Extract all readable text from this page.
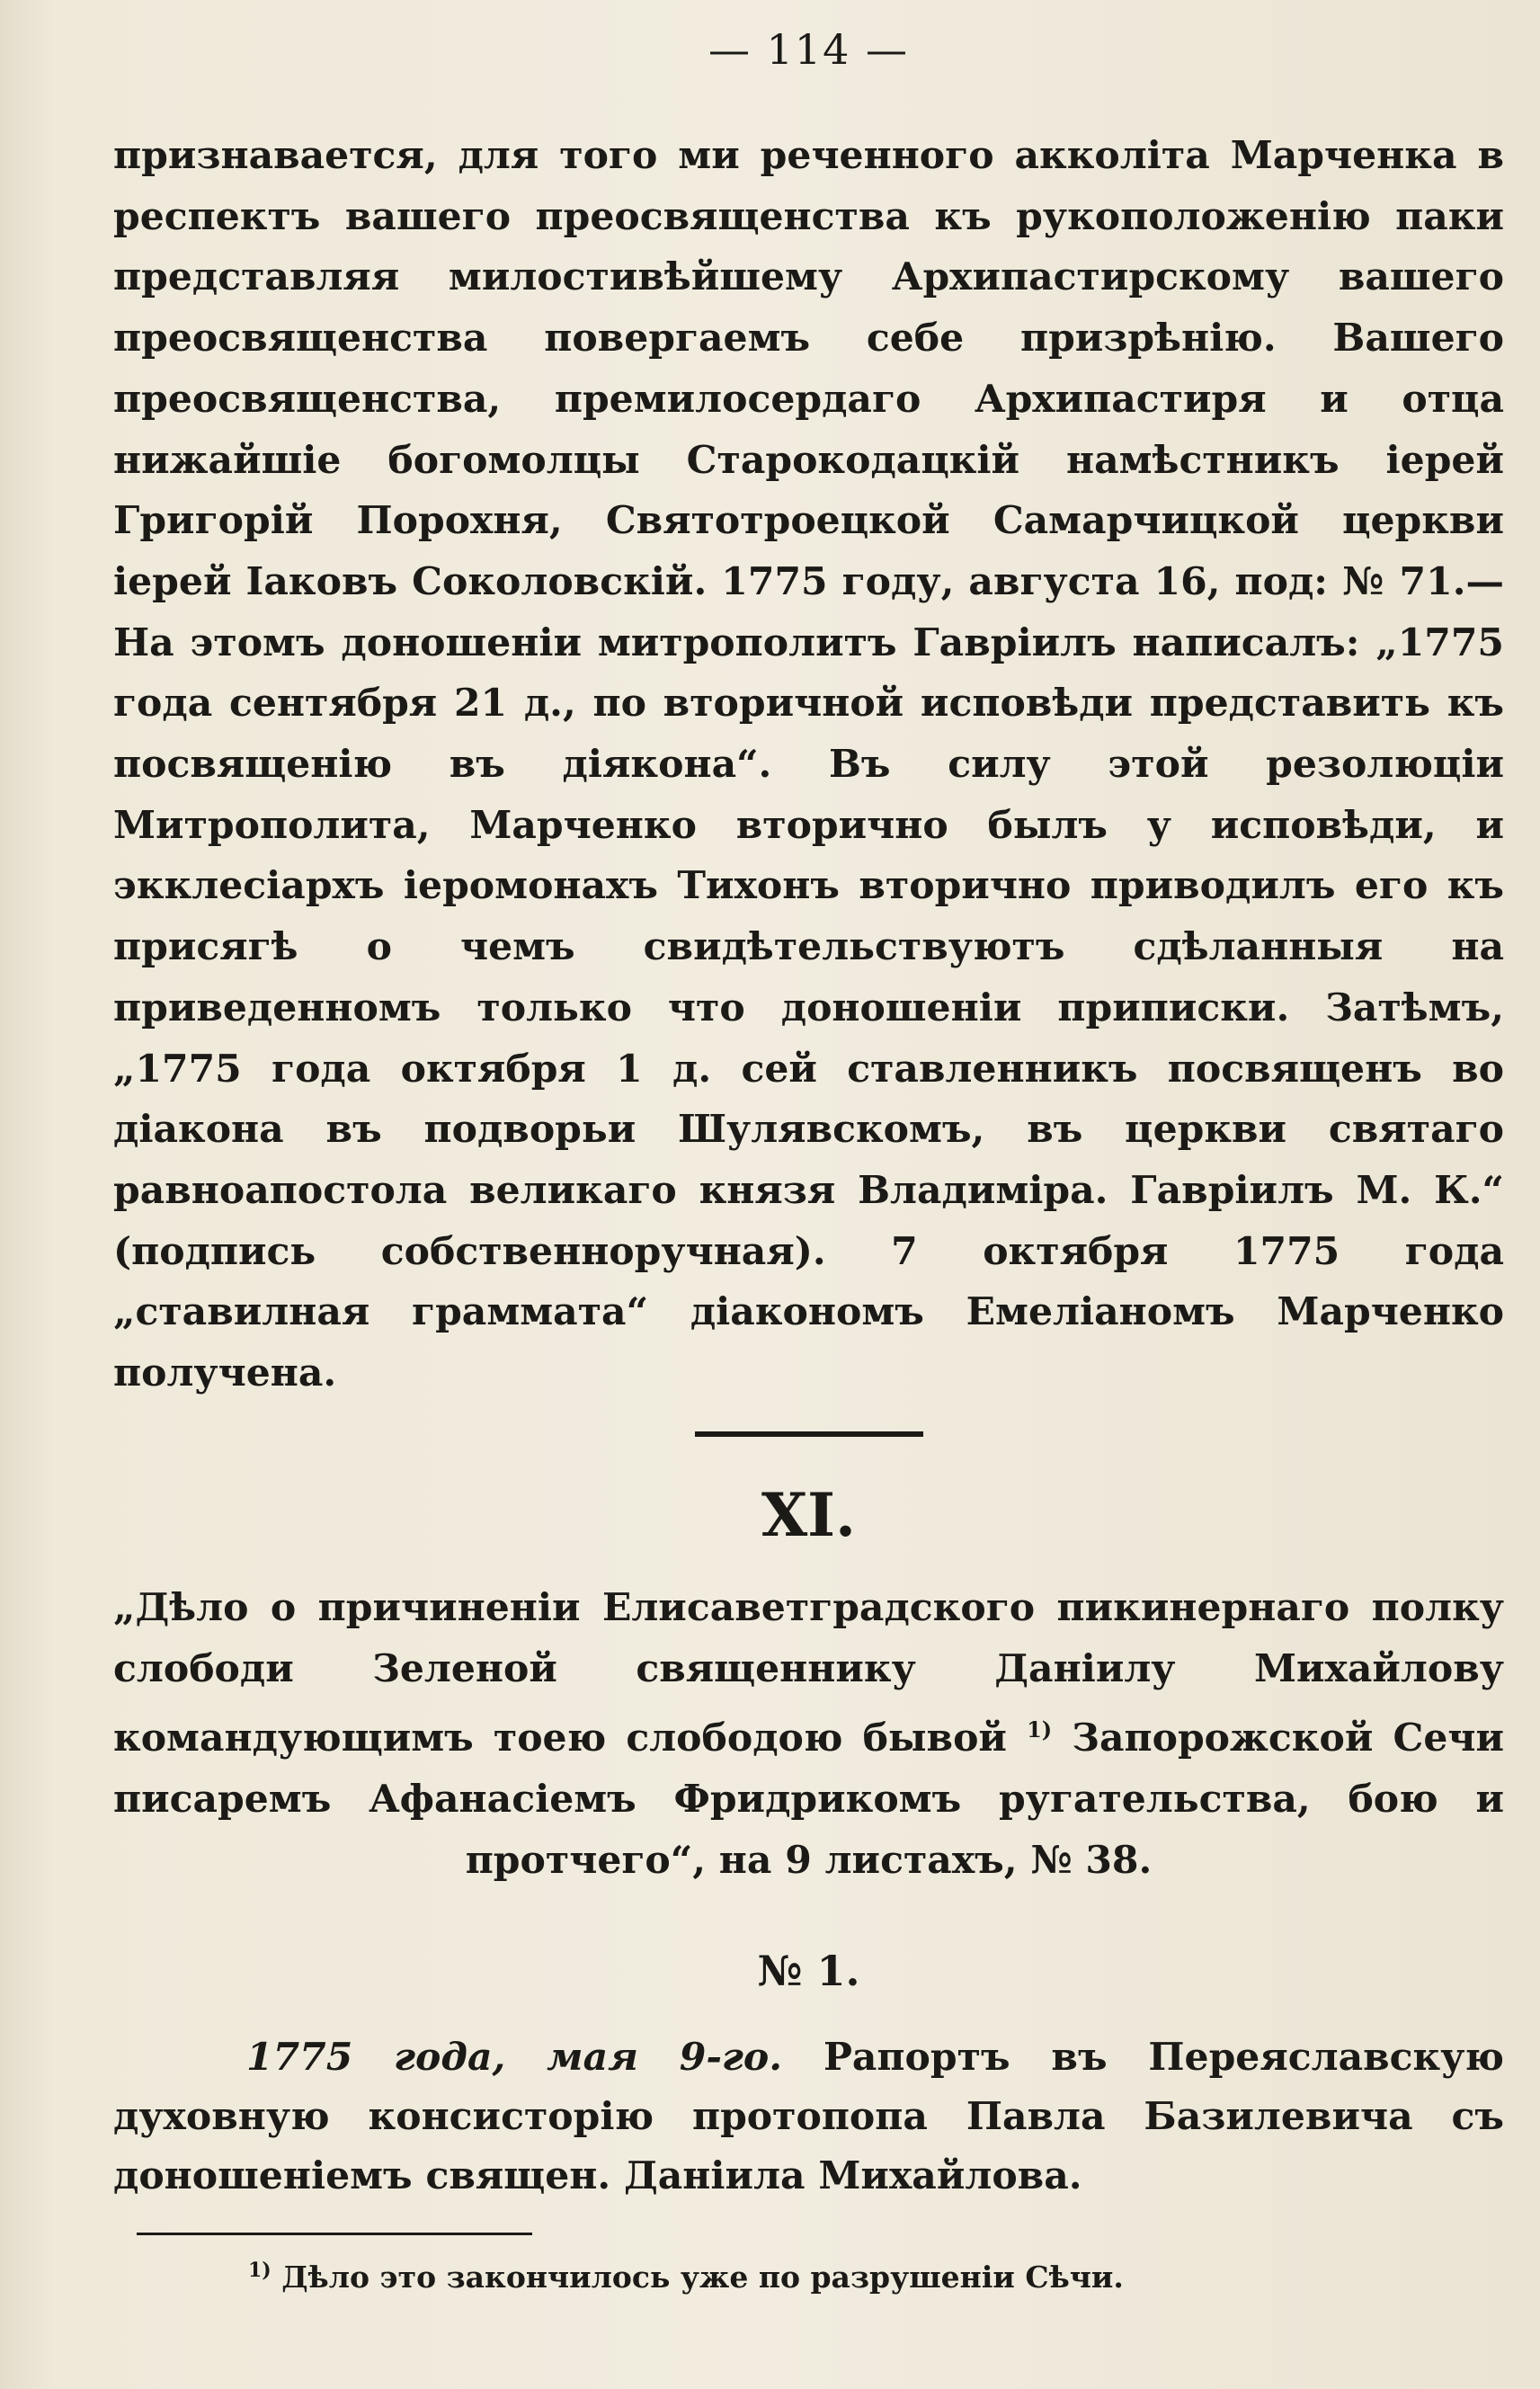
— 114 —

признавается, для того ми реченного акколіта Марченка в респектъ вашего преосвященства къ рукоположенію паки представляя милостивѣйшему Архипастирскому вашего преосвященства повергаемъ себе призрѣнію. Вашего преосвященства, премилосердаго Архипастиря и отца нижайшіе богомолцы Старокодацкій намѣстникъ іерей Григорій Порохня, Святотроецкой Самарчицкой церкви іерей Іаковъ Соколовскій. 1775 году, августа 16, под: № 71.—На этомъ доношеніи митрополитъ Гавріилъ написалъ: „1775 года сентября 21 д., по вторичной исповѣди представить къ посвященію въ діякона“. Въ силу этой резолюціи Митрополита, Марченко вторично былъ у исповѣди, и экклесіархъ іеромонахъ Тихонъ вторично приводилъ его къ присягѣ о чемъ свидѣтельствуютъ сдѣланныя на приведенномъ только что доношеніи приписки. Затѣмъ, „1775 года октября 1 д. сей ставленникъ посвященъ во діакона въ подворьи Шулявскомъ, въ церкви святаго равноапостола великаго князя Владиміра. Гавріилъ М. К.“ (подпись собственноручная). 7 октября 1775 года „ставилная граммата“ діакономъ Емеліаномъ Марченко получена.

XI.

„Дѣло о причиненіи Елисаветградского пикинернаго полку слободи Зеленой священнику Даніилу Михайлову командующимъ тоею слободою бывой $^{1)}$ Запорожской Сечи писаремъ Афанасіемъ Фридрикомъ ругательства, бою и протчего“, на 9 листахъ, № 38.

№ 1.

1775 года, мая 9-го. Рапортъ въ Переяславскую духовную консисторію протопопа Павла Базилевича съ доношеніемъ священ. Даніила Михайлова.

$^{1)}$ Дѣло это закончилось уже по разрушеніи Сѣчи.
